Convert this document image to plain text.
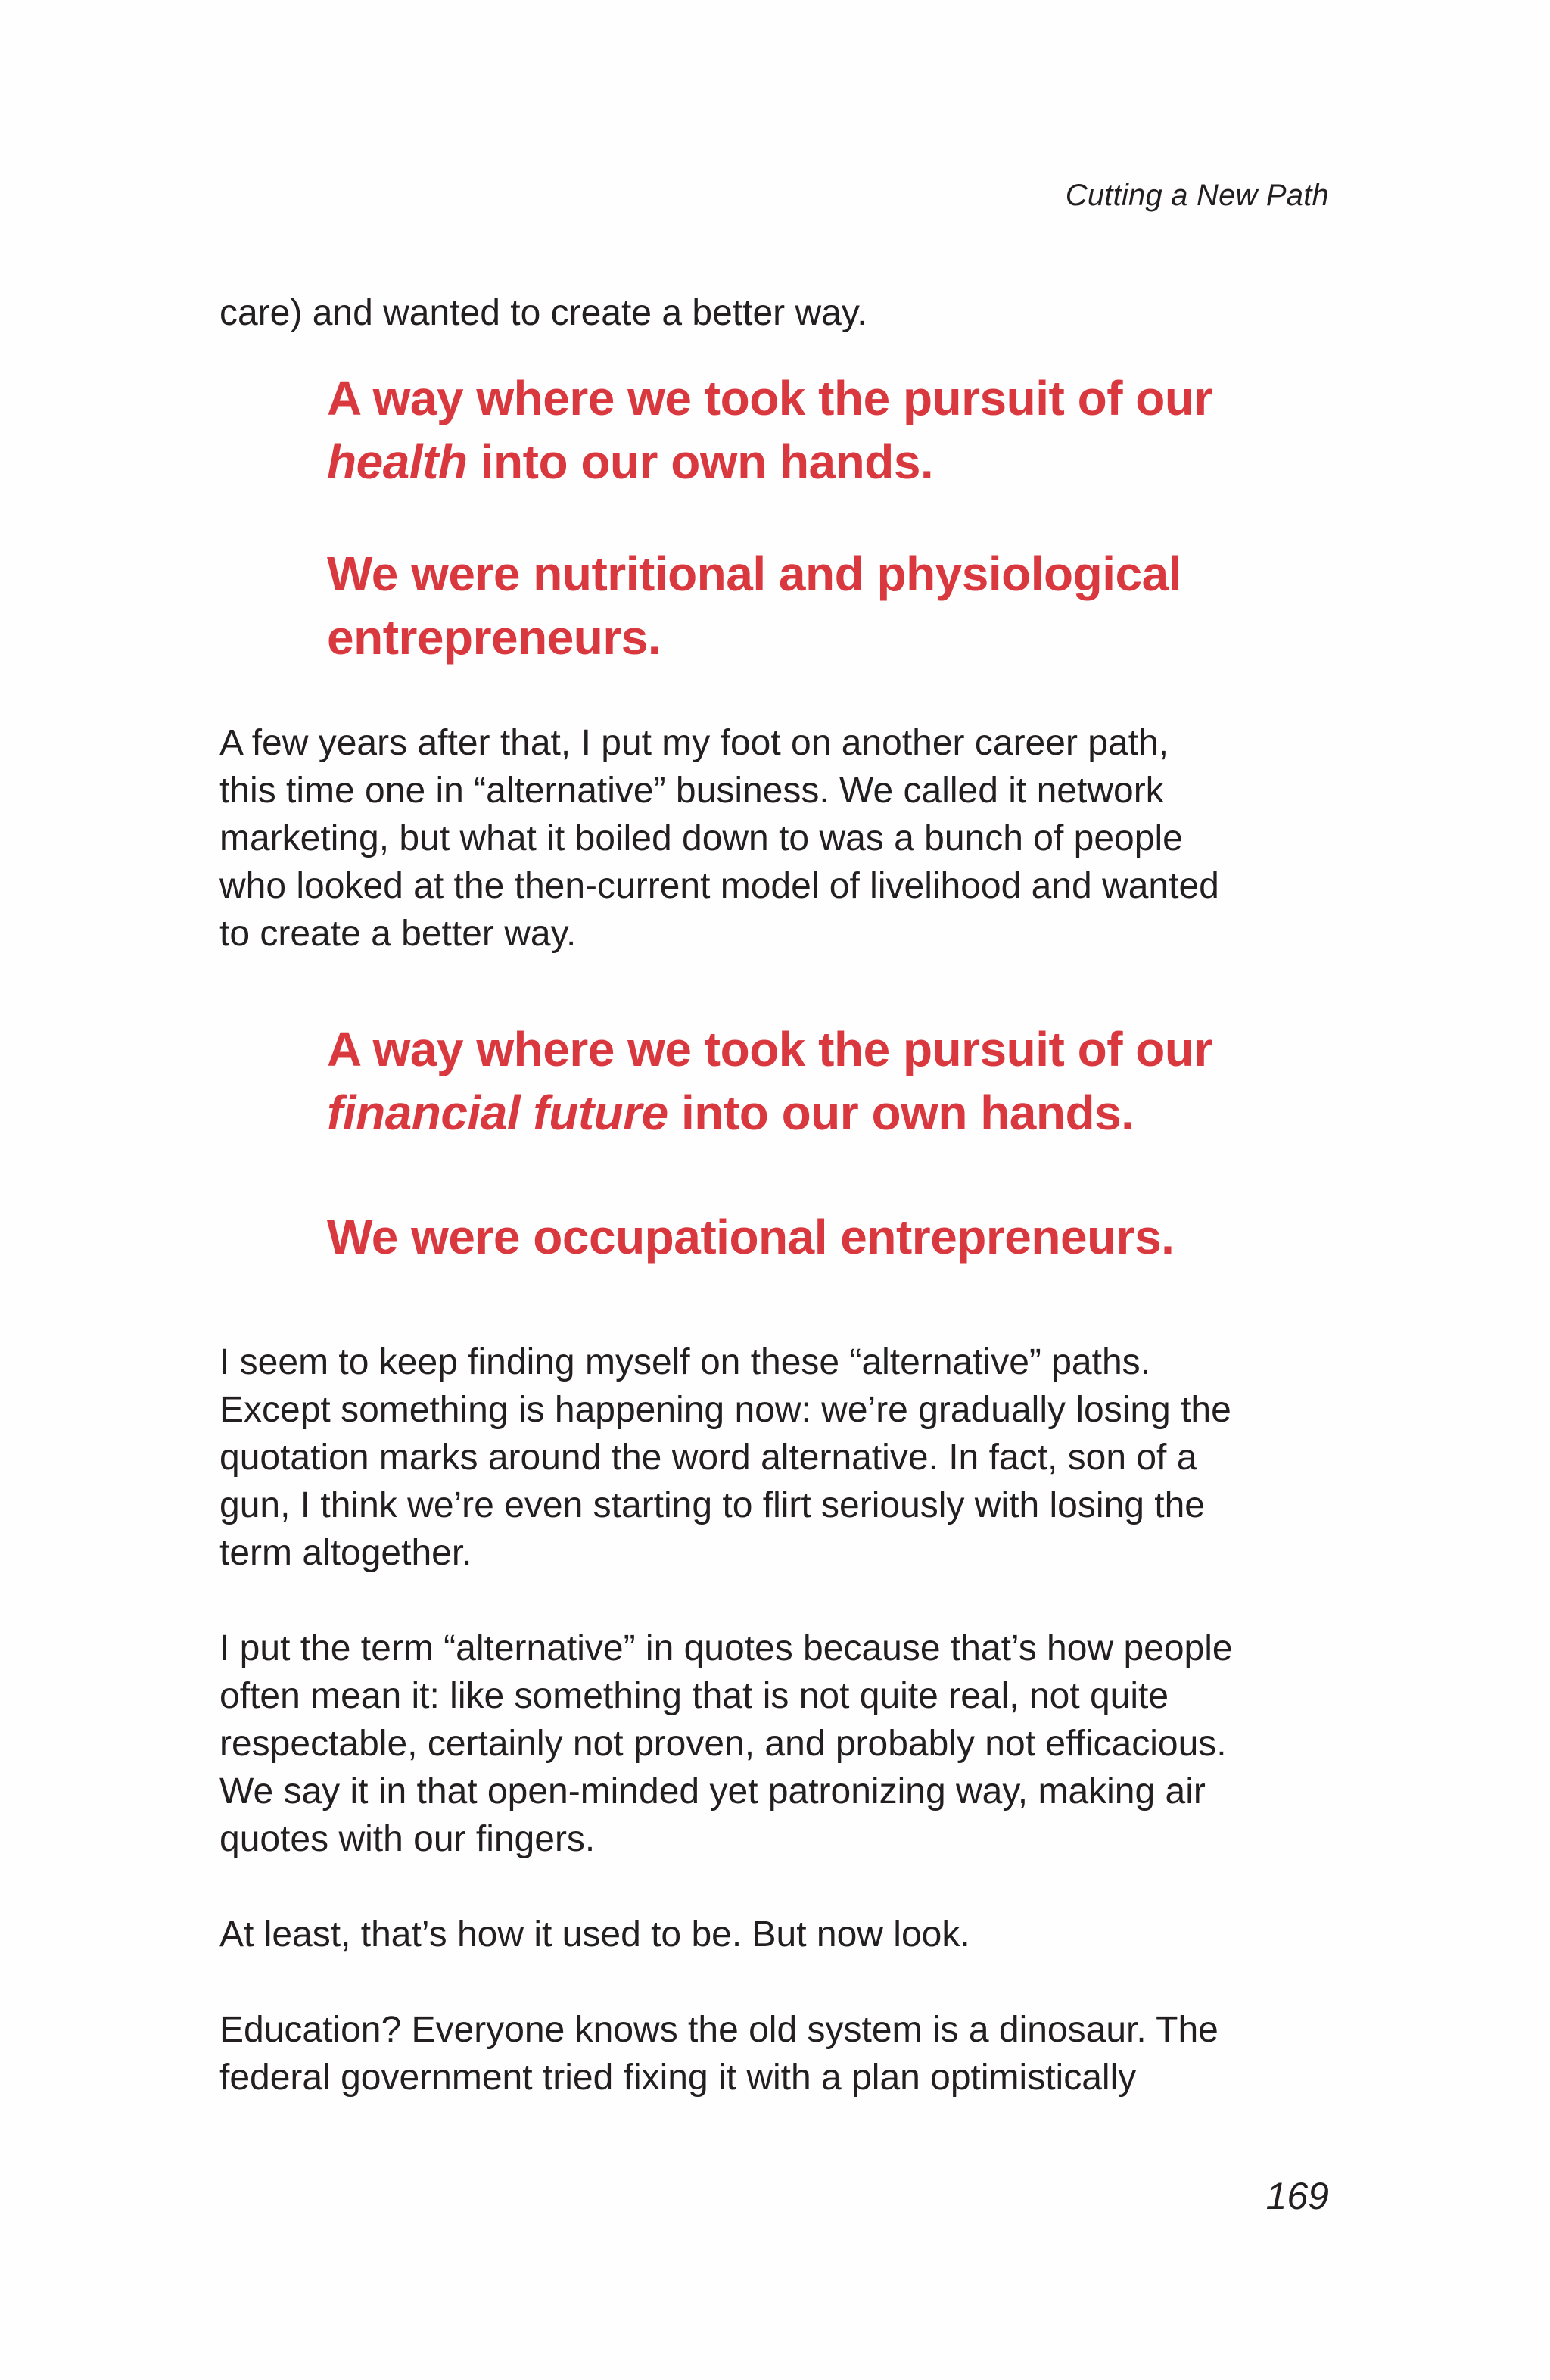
Cutting a New Path

care) and wanted to create a better way.

A way where we took the pursuit of our
health into our own hands.

We were nutritional and physiological
entrepreneurs.

A few years after that, I put my foot on another career path,
this time one in “alternative” business. We called it network
marketing, but what it boiled down to was a bunch of people
who looked at the then-current model of livelihood and wanted
to create a better way.

A way where we took the pursuit of our
financial future into our own hands.

We were occupational entrepreneurs.

I seem to keep finding myself on these “alternative” paths.
Except something is happening now: we’re gradually losing the
quotation marks around the word alternative. In fact, son of a
gun, I think we’re even starting to flirt seriously with losing the
term altogether.

I put the term “alternative” in quotes because that’s how people
often mean it: like something that is not quite real, not quite
respectable, certainly not proven, and probably not efficacious.
We say it in that open-minded yet patronizing way, making air
quotes with our fingers.

At least, that’s how it used to be. But now look.

Education? Everyone knows the old system is a dinosaur. The
federal government tried fixing it with a plan optimistically

169
